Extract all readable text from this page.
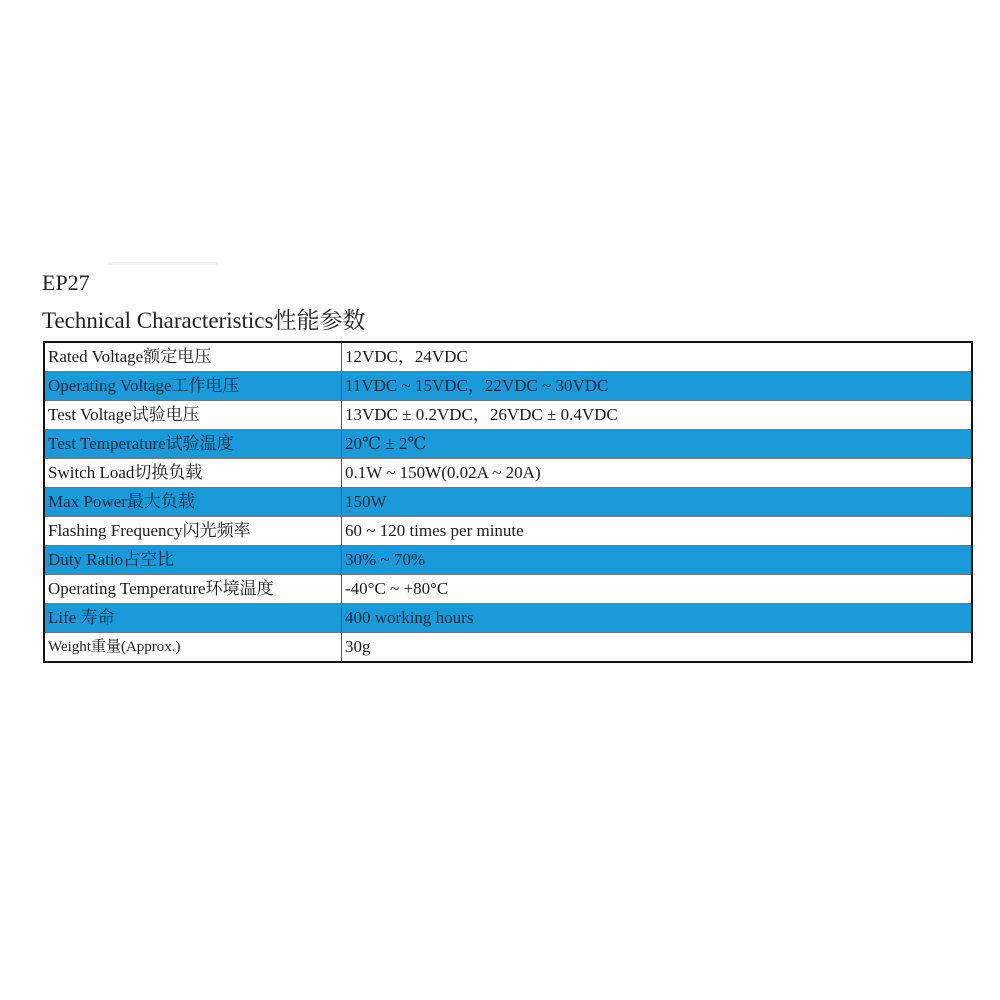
EP27
Technical Characteristics性能参数
Rated Voltage额定电压	12VDC，24VDC
Operating Voltage工作电压	11VDC ~ 15VDC，22VDC ~ 30VDC
Test Voltage试验电压	13VDC ± 0.2VDC，26VDC ± 0.4VDC
Test Temperature试验温度	20℃ ± 2℃
Switch Load切换负载	0.1W ~ 150W(0.02A ~ 20A)
Max Power最大负载	150W
Flashing Frequency闪光频率	60 ~ 120 times per minute
Duty Ratio占空比	30% ~ 70%
Operating Temperature环境温度	-40°C ~ +80°C
Life 寿命	400 working hours
Weight重量(Approx.)	30g
